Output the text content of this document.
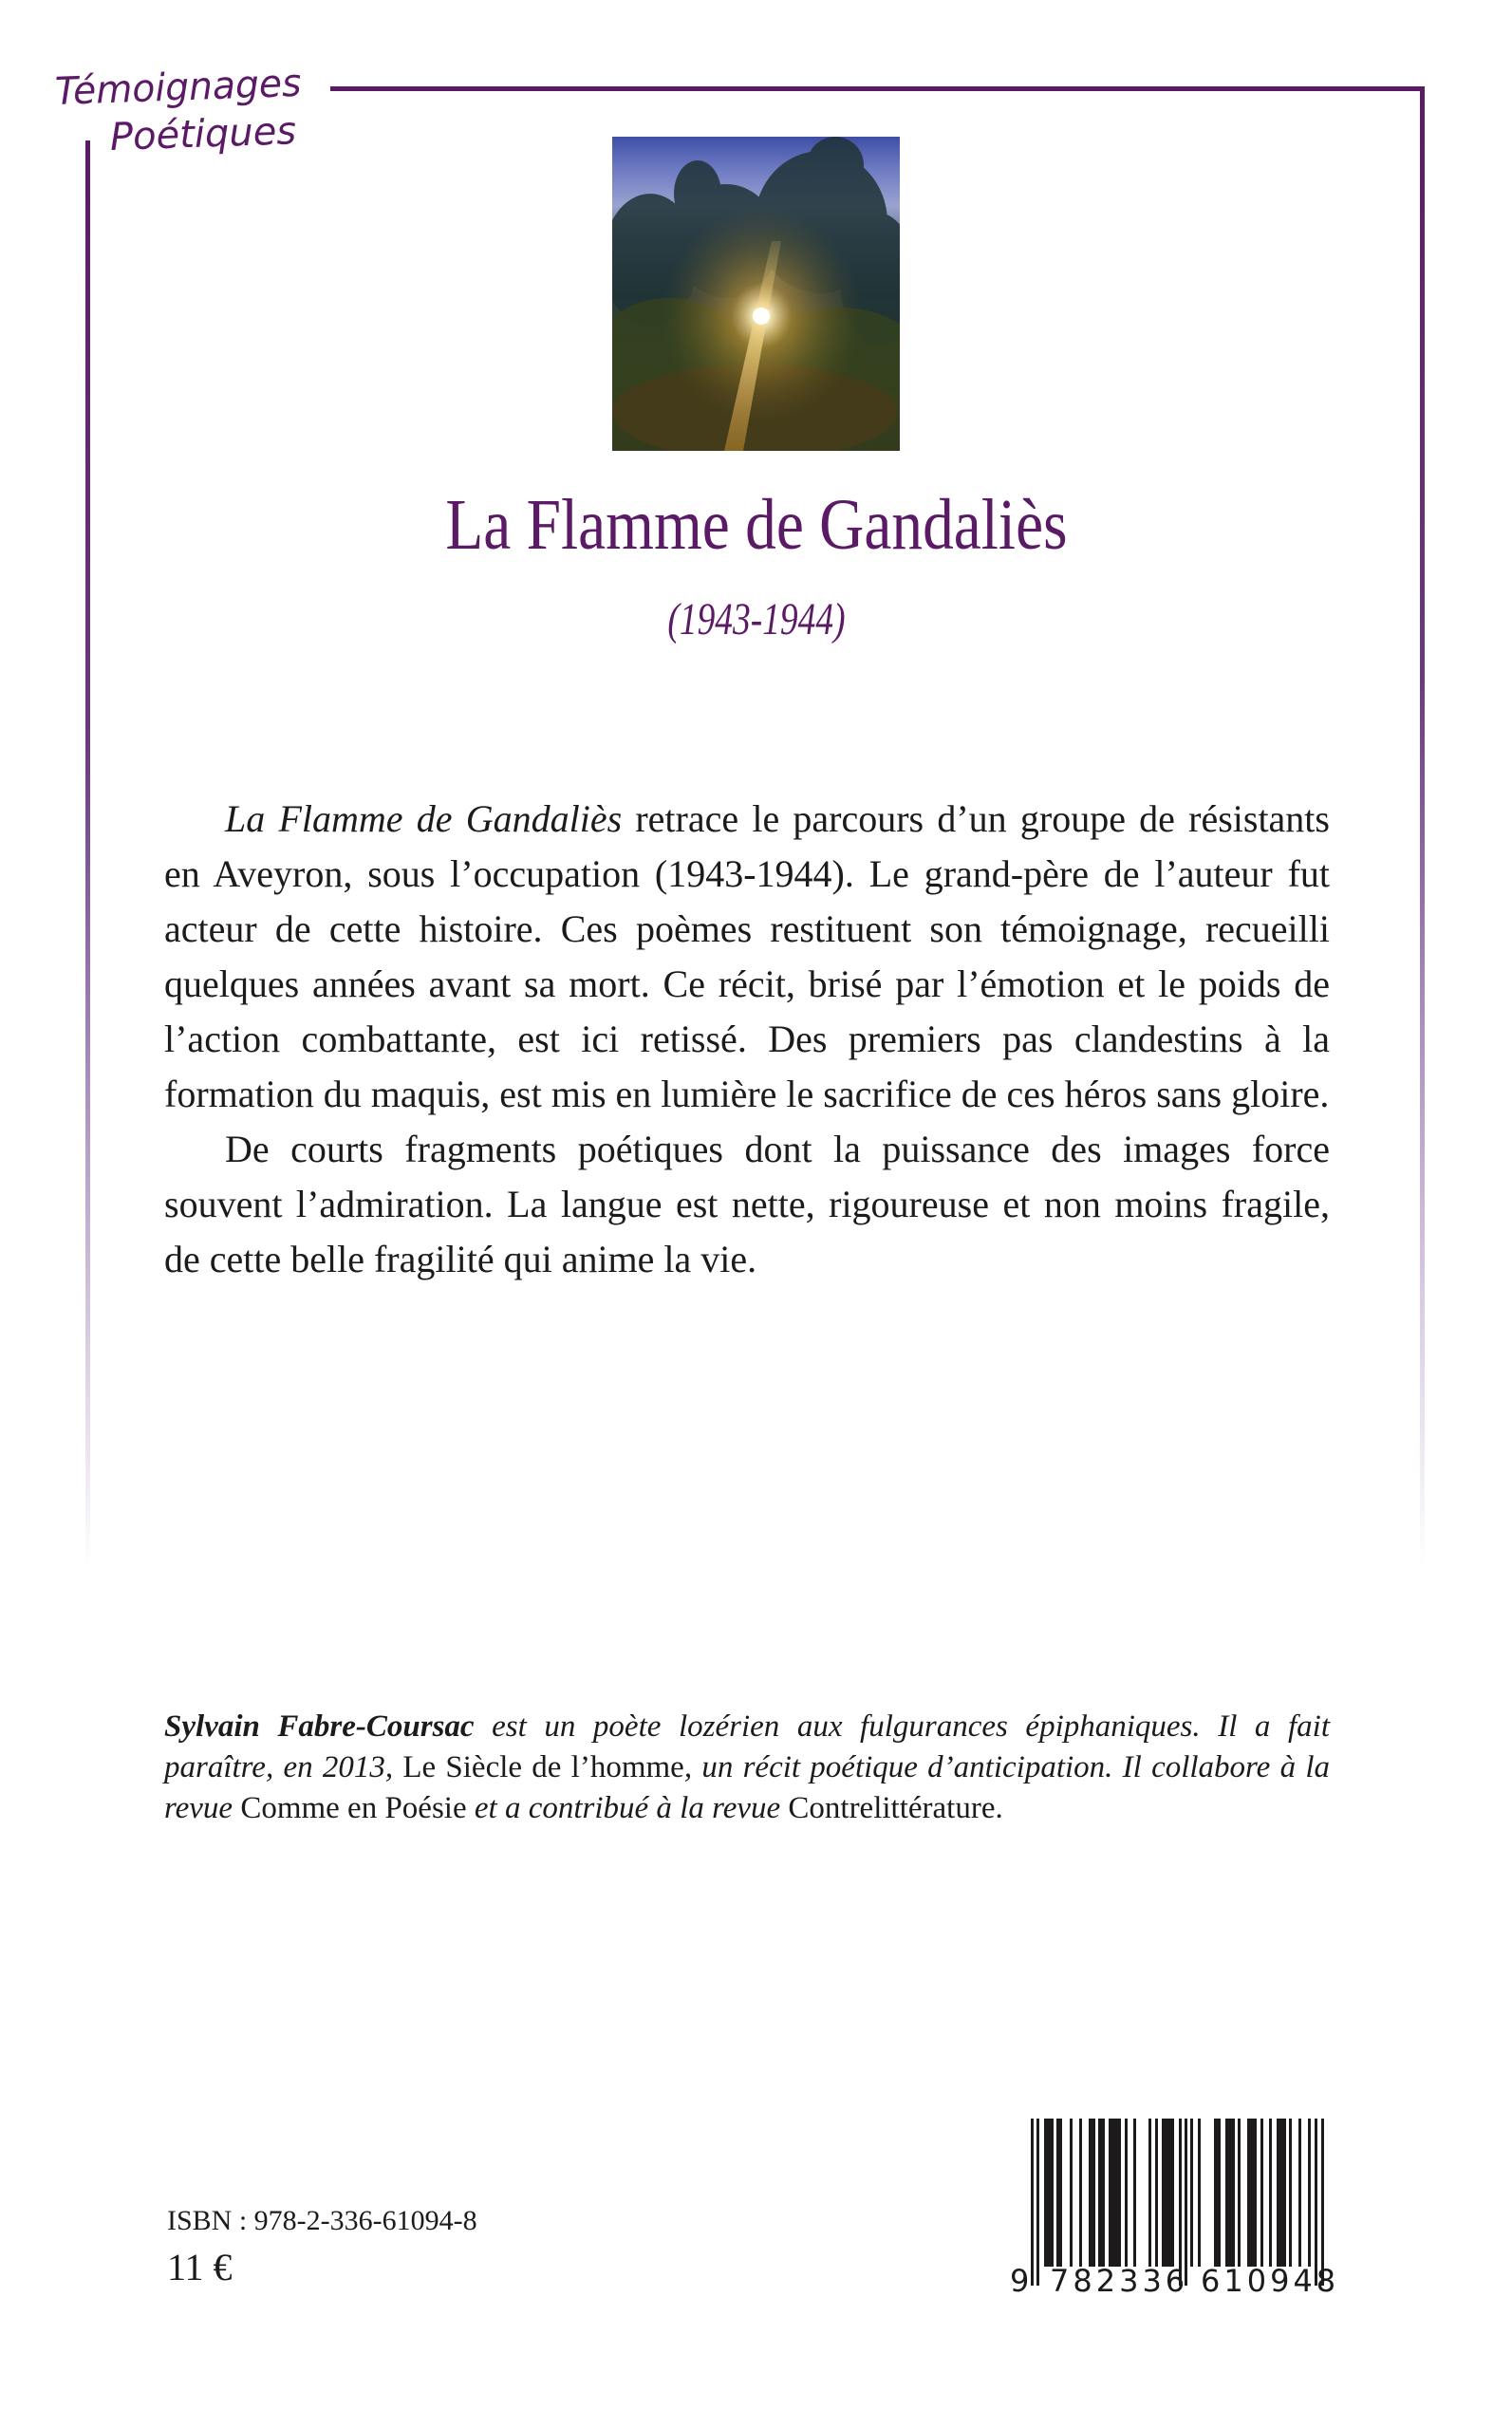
Témoignages
Poétiques
La Flamme de Gandaliès
(1943-1944)

La Flamme de Gandaliès retrace le parcours d’un groupe de résistants en Aveyron, sous l’occupation (1943-1944). Le grand-père de l’auteur fut acteur de cette histoire. Ces poèmes restituent son témoignage, recueilli quelques années avant sa mort. Ce récit, brisé par l’émotion et le poids de l’action combattante, est ici retissé. Des premiers pas clandestins à la formation du maquis, est mis en lumière le sacrifice de ces héros sans gloire.

De courts fragments poétiques dont la puissance des images force souvent l’admiration. La langue est nette, rigoureuse et non moins fragile, de cette belle fragilité qui anime la vie.

Sylvain Fabre-Coursac est un poète lozérien aux fulgurances épiphaniques. Il a fait paraître, en 2013, Le Siècle de l’homme, un récit poétique d’anticipation. Il collabore à la revue Comme en Poésie et a contribué à la revue Contrelittérature.
ISBN : 978-2-336-61094-8
11 €	9 782336 610948
